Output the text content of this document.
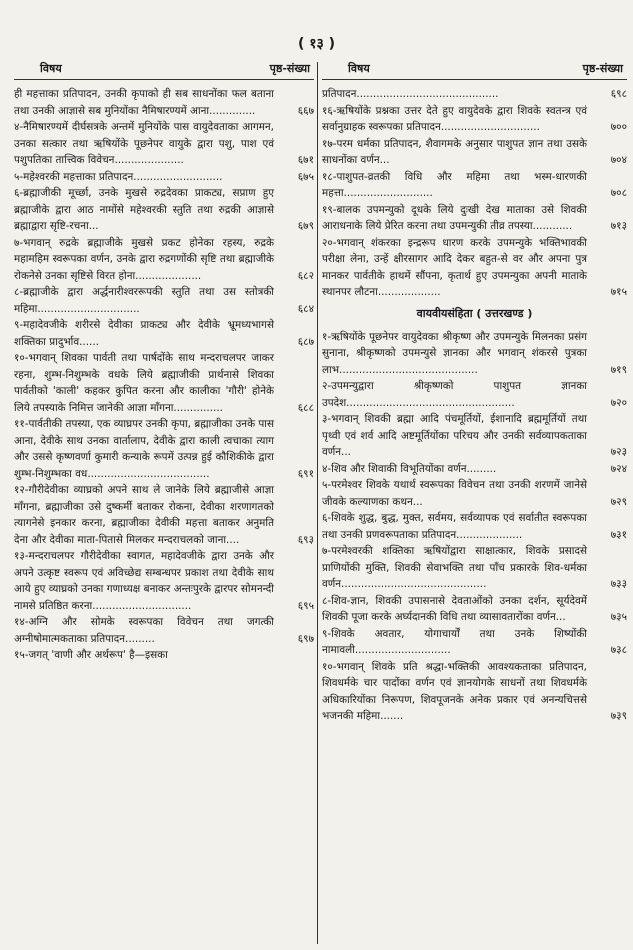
( १३ )
विषय	पृष्ठ-संख्या
ही महत्ताका प्रतिपादन, उनकी कृपाको ही सब साधनोंका फल बताना तथा उनकी आज्ञासे सब मुनियोंका नैमिषारण्यमें आना..............	६६७
४-नैमिषारण्यमें दीर्घसत्रके अन्तमें मुनियोंके पास वायुदेवताका आगमन, उनका सत्कार तथा ऋषियोंके पूछनेपर वायुके द्वारा पशु, पाश एवं पशुपतिका तात्त्विक विवेचन.....................	६७१
५-महेश्वरकी महत्ताका प्रतिपादन...........................	६७५
६-ब्रह्माजीकी मूर्च्छा, उनके मुखसे रुद्रदेवका प्राकट्य, सप्राण हुए ब्रह्माजीके द्वारा आठ नामोंसे महेश्वरकी स्तुति तथा रुद्रकी आज्ञासे ब्रह्माद्वारा सृष्टि-रचना...	६७९
७-भगवान् रुद्रके ब्रह्माजीके मुखसे प्रकट होनेका रहस्य, रुद्रके महामहिम स्वरूपका वर्णन, उनके द्वारा रुद्रगणोंकी सृष्टि तथा ब्रह्माजीके रोकनेसे उनका सृष्टिसे विरत होना....................	६८२
८-ब्रह्माजीके द्वारा अर्द्धनारीश्वररूपकी स्तुति तथा उस स्तोत्रकी महिमा...............................	६८४
९-महादेवजीके शरीरसे देवीका प्राकट्य और देवीके भ्रूमध्यभागसे शक्तिका प्रादुर्भाव......	६८७
१०-भगवान् शिवका पार्वती तथा पार्षदोंके साथ मन्दराचलपर जाकर रहना, शुम्भ-निशुम्भके वधके लिये ब्रह्माजीकी प्रार्थनासे शिवका पार्वतीको 'काली' कहकर कुपित करना और कालीका 'गौरी' होनेके लिये तपस्याके निमित्त जानेकी आज्ञा माँगना...............	६८८
११-पार्वतीकी तपस्या, एक व्याघ्रपर उनकी कृपा, ब्रह्माजीका उनके पास आना, देवीके साथ उनका वार्तालाप, देवीके द्वारा काली त्वचाका त्याग और उससे कृष्णवर्णा कुमारी कन्याके रूपमें उत्पन्न हुई कौशिकीके द्वारा शुम्भ-निशुम्भका वध.....................................	६९१
१२-गौरीदेवीका व्याघ्रको अपने साथ ले जानेके लिये ब्रह्माजीसे आज्ञा माँगना, ब्रह्माजीका उसे दुष्कर्मी बताकर रोकना, देवीका शरणागतको त्यागनेसे इनकार करना, ब्रह्माजीका देवीकी महत्ता बताकर अनुमति देना और देवीका माता-पितासे मिलकर मन्दराचलको जाना....	६९३
१३-मन्दराचलपर गौरीदेवीका स्वागत, महादेवजीके द्वारा उनके और अपने उत्कृष्ट स्वरूप एवं अविच्छेद्य सम्बन्धपर प्रकाश तथा देवीके साथ आये हुए व्याघ्रको उनका गणाध्यक्ष बनाकर अन्तःपुरके द्वारपर सोमनन्दी नामसे प्रतिष्ठित करना..............................	६९५
१४-अग्नि और सोमके स्वरूपका विवेचन तथा जगत्की अग्नीषोमात्मकताका प्रतिपादन.........	६९७
१५-जगत् 'वाणी और अर्थरूप' है—इसका
विषय	पृष्ठ-संख्या
प्रतिपादन...........................................	६९८
१६-ऋषियोंके प्रश्नका उत्तर देते हुए वायुदेवके द्वारा शिवके स्वतन्त्र एवं सर्वानुग्राहक स्वरूपका प्रतिपादन..............................	७००
१७-परम धर्मका प्रतिपादन, शैवागमके अनुसार पाशुपत ज्ञान तथा उसके साधनोंका वर्णन...	७०४
१८-पाशुपत-व्रतकी विधि और महिमा तथा भस्म-धारणकी महत्ता...........................	७०८
१९-बालक उपमन्युको दूधके लिये दुःखी देख माताका उसे शिवकी आराधनाके लिये प्रेरित करना तथा उपमन्युकी तीव्र तपस्या............	७१३
२०-भगवान् शंकरका इन्द्ररूप धारण करके उपमन्युके भक्तिभावकी परीक्षा लेना, उन्हें क्षीरसागर आदि देकर बहुत-से वर और अपना पुत्र मानकर पार्वतीके हाथमें सौंपना, कृतार्थ हुए उपमन्युका अपनी माताके स्थानपर लौटना...................	७१५
वायवीयसंहिता ( उत्तरखण्ड )
१-ऋषियोंके पूछनेपर वायुदेवका श्रीकृष्ण और उपमन्युके मिलनका प्रसंग सुनाना, श्रीकृष्णको उपमन्युसे ज्ञानका और भगवान् शंकरसे पुत्रका लाभ..........................................	७१९
२-उपमन्युद्वारा श्रीकृष्णको पाशुपत ज्ञानका उपदेश...................................................	७२०
३-भगवान् शिवकी ब्रह्मा आदि पंचमूर्तियों, ईशानादि ब्रह्ममूर्तियों तथा पृथ्वी एवं शर्व आदि अष्टमूर्तियोंका परिचय और उनकी सर्वव्यापकताका वर्णन...	७२३
४-शिव और शिवाकी विभूतियोंका वर्णन.........	७२४
५-परमेश्वर शिवके यथार्थ स्वरूपका विवेचन तथा उनकी शरणमें जानेसे जीवके कल्याणका कथन...	७२९
६-शिवके शुद्ध, बुद्ध, मुक्त, सर्वमय, सर्वव्यापक एवं सर्वातीत स्वरूपका तथा उनकी प्रणवरूपताका प्रतिपादन....................	७३१
७-परमेश्वरकी शक्तिका ऋषियोंद्वारा साक्षात्कार, शिवके प्रसादसे प्राणियोंकी मुक्ति, शिवकी सेवाभक्ति तथा पाँच प्रकारके शिव-धर्मका वर्णन............................................	७३३
८-शिव-ज्ञान, शिवकी उपासनासे देवताओंको उनका दर्शन, सूर्यदेवमें शिवकी पूजा करके अर्घ्यदानकी विधि तथा व्यासावतारोंका वर्णन...	७३५
९-शिवके अवतार, योगाचार्यों तथा उनके शिष्योंकी नामावली.............................	७३८
१०-भगवान् शिवके प्रति श्रद्धा-भक्तिकी आवश्यकताका प्रतिपादन, शिवधर्मके चार पादोंका वर्णन एवं ज्ञानयोगके साधनों तथा शिवधर्मके अधिकारियोंका निरूपण, शिवपूजनके अनेक प्रकार एवं अनन्यचित्तसे भजनकी महिमा.......	७३९
